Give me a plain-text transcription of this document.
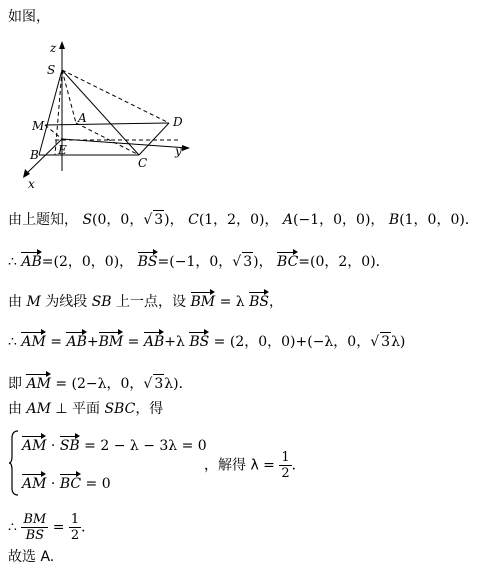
如图，
z
S
M
A	D
B E
C
y
x
由上题知， S(0，0，√ 3)， C(1，2，0)， A(−1，0，0)， B(1，0，0)．
∴ AB=(2，0，0)， BS=(−1，0，√ 3)， BC=(0，2，0)．
由 M 为线段 SB 上一点，设 BM = λ BS，
∴ AM = AB+BM = AB+λ BS = (2，0，0)+(−λ，0，√ 3λ)
即 AM = (2−λ，0，√ 3λ)．
由 AM ⊥ 平面 SBC，得
AM · SB = 2 − λ − 3λ = 0
AM · BC = 0
，解得 $\lambda = \frac{1}{2}$ ．
∴ $\frac{BM}{BS} = \frac{1}{2}$ ．
故选 A.
